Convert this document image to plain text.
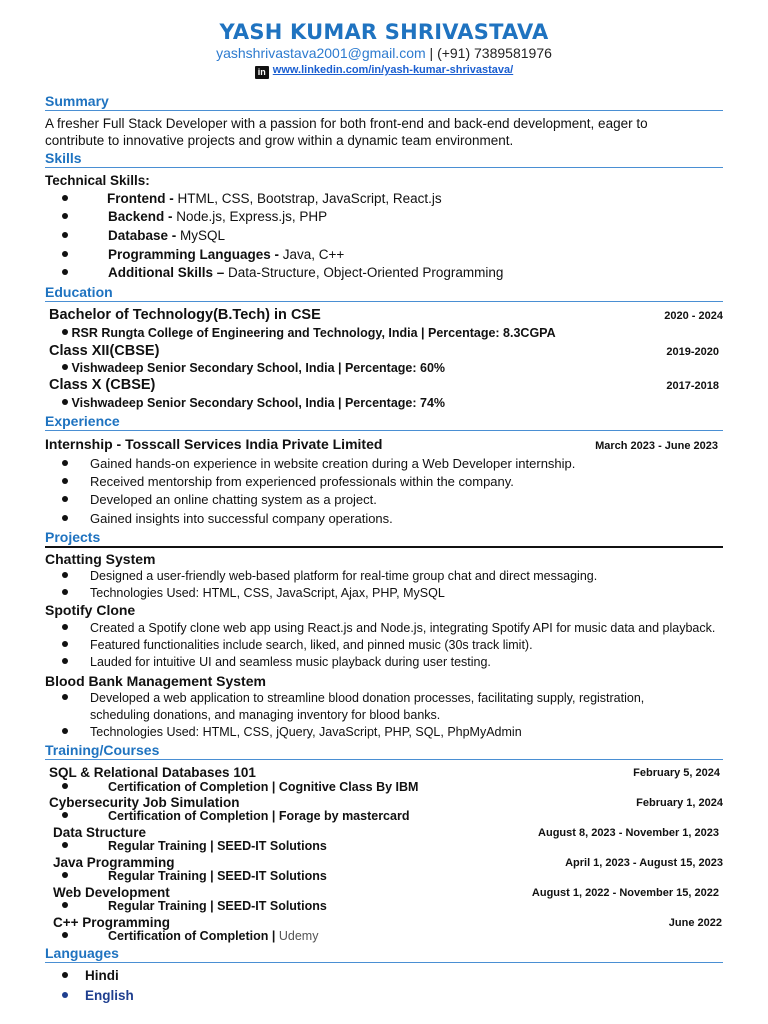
YASH KUMAR SHRIVASTAVA
yashshrivastava2001@gmail.com | (+91) 7389581976
in www.linkedin.com/in/yash-kumar-shrivastava/
Summary
A fresher Full Stack Developer with a passion for both front-end and back-end development, eager to
contribute to innovative projects and grow within a dynamic team environment.
Skills
Technical Skills:
Frontend - HTML, CSS, Bootstrap, JavaScript, React.js
Backend - Node.js, Express.js, PHP
Database - MySQL
Programming Languages - Java, C++
Additional Skills – Data-Structure, Object-Oriented Programming
Education
Bachelor of Technology(B.Tech) in CSE	2020 - 2024
RSR Rungta College of Engineering and Technology, India | Percentage: 8.3CGPA
Class XII(CBSE)	2019-2020
Vishwadeep Senior Secondary School, India | Percentage: 60%
Class X (CBSE)	2017-2018
Vishwadeep Senior Secondary School, India | Percentage: 74%
Experience
Internship - Tosscall Services India Private Limited	March 2023 - June 2023
Gained hands-on experience in website creation during a Web Developer internship.
Received mentorship from experienced professionals within the company.
Developed an online chatting system as a project.
Gained insights into successful company operations.
Projects
Chatting System
Designed a user-friendly web-based platform for real-time group chat and direct messaging.
Technologies Used: HTML, CSS, JavaScript, Ajax, PHP, MySQL
Spotify Clone
Created a Spotify clone web app using React.js and Node.js, integrating Spotify API for music data and playback.
Featured functionalities include search, liked, and pinned music (30s track limit).
Lauded for intuitive UI and seamless music playback during user testing.
Blood Bank Management System
Developed a web application to streamline blood donation processes, facilitating supply, registration,
scheduling donations, and managing inventory for blood banks.
Technologies Used: HTML, CSS, jQuery, JavaScript, PHP, SQL, PhpMyAdmin
Training/Courses
SQL & Relational Databases 101	February 5, 2024
Certification of Completion | Cognitive Class By IBM
Cybersecurity Job Simulation	February 1, 2024
Certification of Completion | Forage by mastercard
Data Structure	August 8, 2023 - November 1, 2023
Regular Training | SEED-IT Solutions
Java Programming	April 1, 2023 - August 15, 2023
Regular Training | SEED-IT Solutions
Web Development	August 1, 2022 - November 15, 2022
Regular Training | SEED-IT Solutions
C++ Programming	June 2022
Certification of Completion | Udemy
Languages
Hindi
English
